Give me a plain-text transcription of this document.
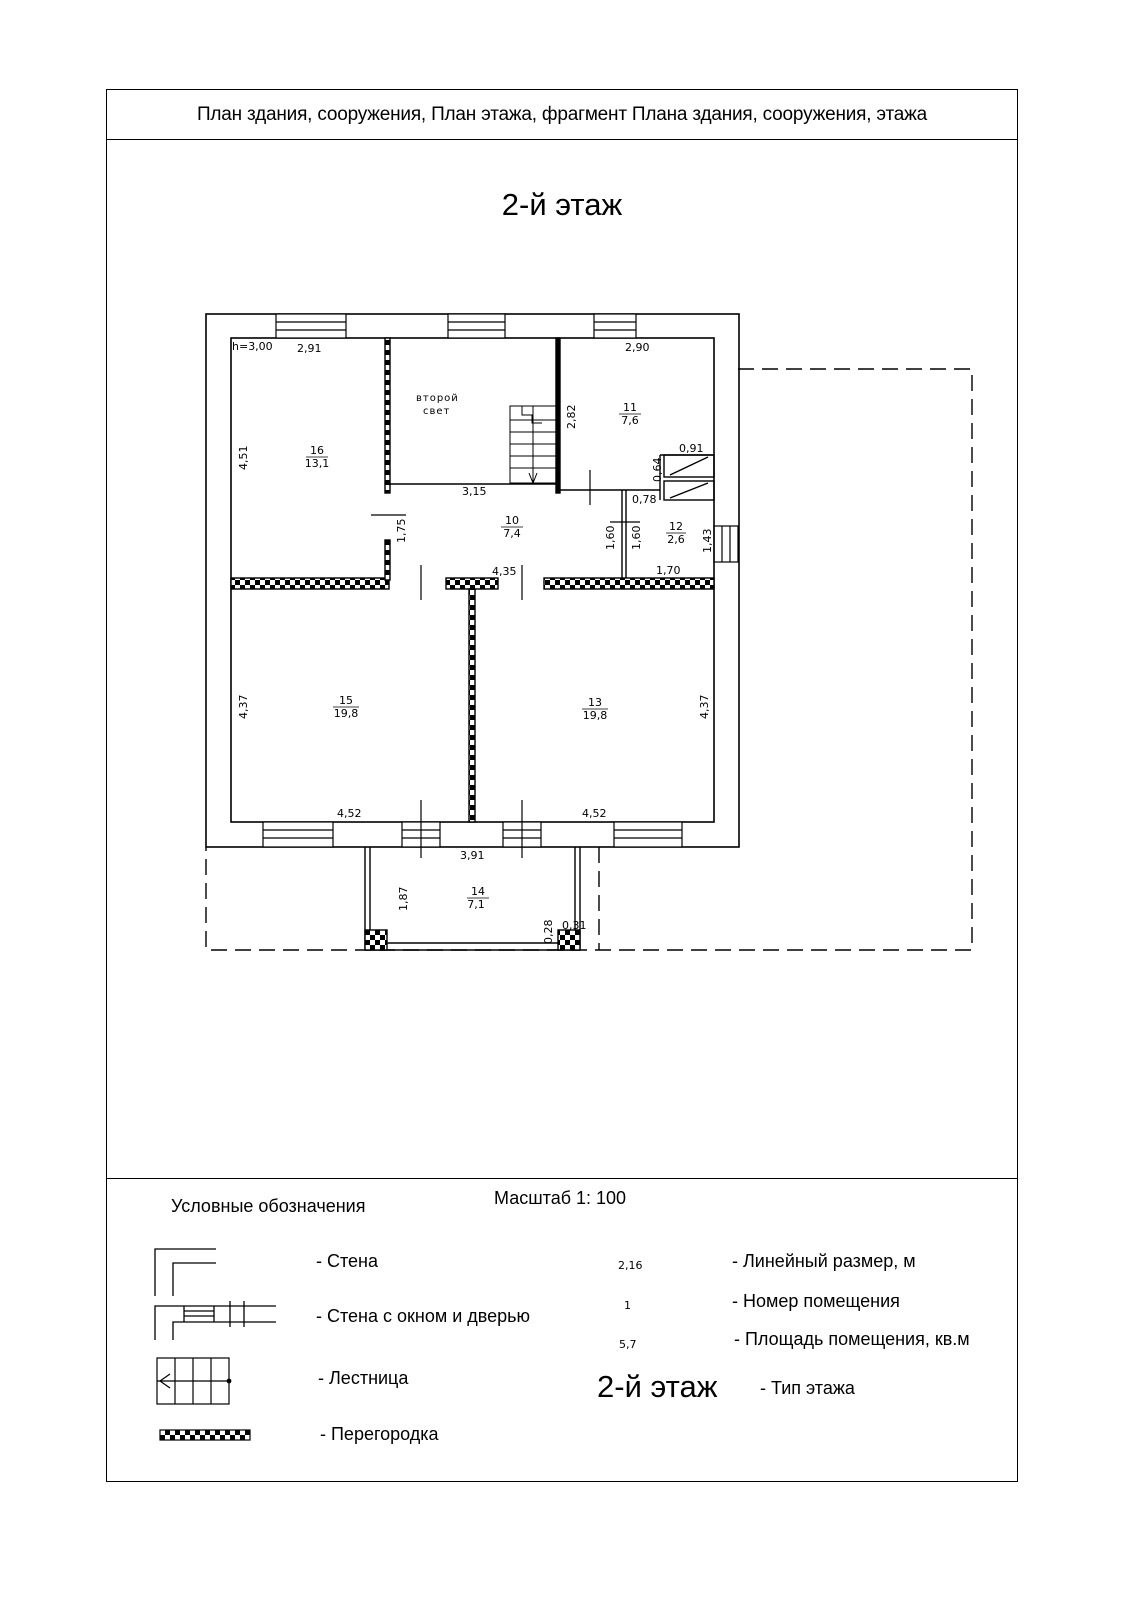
План здания, сооружения, План этажа, фрагмент Плана здания, сооружения, этажа
2-й этаж
Условные обозначения	Масштаб 1: 100
- Стена
- Стена с окном и дверью
- Лестница
- Перегородка
2,16	- Линейный размер, м
1	- Номер помещения
5,7	- Площадь помещения, кв.м
2-й этаж - Тип этажа
h=3,00
второй
свет
16
13,1
11
7,6
10
7,4
12
2,6
15
19,8
13
19,8
14
7,1
2,91	2,90
0,91
0,78
3,15
4,35	1,70
4,52	4,52
3,91
0,31
4,51
2,82
0,64
1,75	1,60 1,60	1,43
4,37	4,37
1,87
0,28
